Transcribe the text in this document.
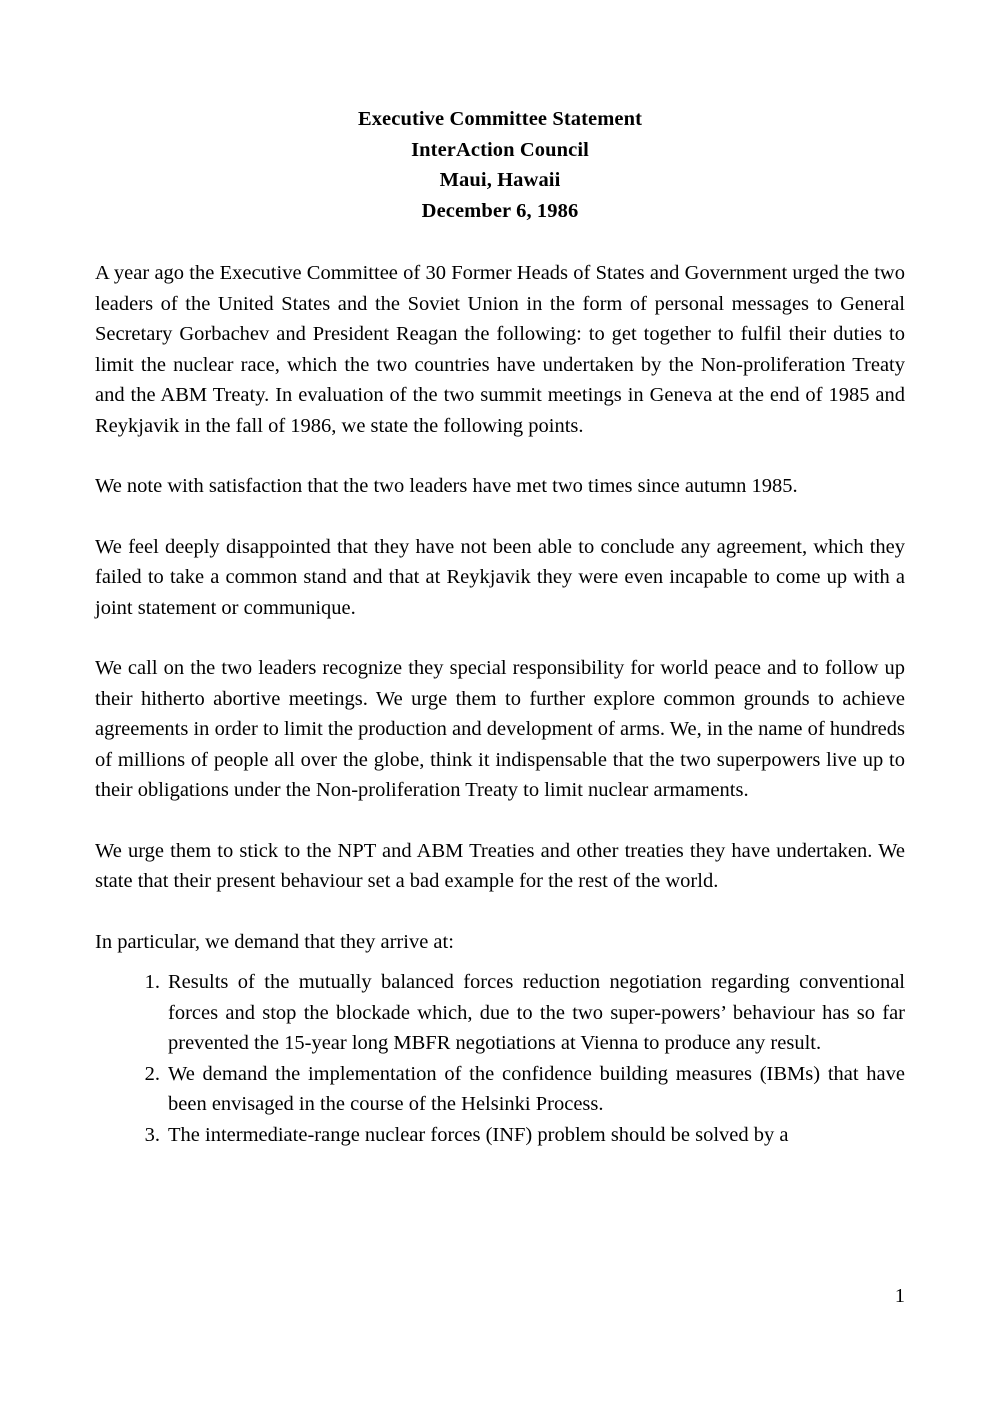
Executive Committee Statement
InterAction Council
Maui, Hawaii
December 6, 1986

A year ago the Executive Committee of 30 Former Heads of States and Government urged the two leaders of the United States and the Soviet Union in the form of personal messages to General Secretary Gorbachev and President Reagan the following: to get together to fulfil their duties to limit the nuclear race, which the two countries have undertaken by the Non-proliferation Treaty and the ABM Treaty. In evaluation of the two summit meetings in Geneva at the end of 1985 and Reykjavik in the fall of 1986, we state the following points.

We note with satisfaction that the two leaders have met two times since autumn 1985.

We feel deeply disappointed that they have not been able to conclude any agreement, which they failed to take a common stand and that at Reykjavik they were even incapable to come up with a joint statement or communique.

We call on the two leaders recognize they special responsibility for world peace and to follow up their hitherto abortive meetings. We urge them to further explore common grounds to achieve agreements in order to limit the production and development of arms. We, in the name of hundreds of millions of people all over the globe, think it indispensable that the two superpowers live up to their obligations under the Non-proliferation Treaty to limit nuclear armaments.

We urge them to stick to the NPT and ABM Treaties and other treaties they have undertaken. We state that their present behaviour set a bad example for the rest of the world.

In particular, we demand that they arrive at:

1. Results of the mutually balanced forces reduction negotiation regarding conventional forces and stop the blockade which, due to the two super-powers’ behaviour has so far prevented the 15-year long MBFR negotiations at Vienna to produce any result.
2. We demand the implementation of the confidence building measures (IBMs) that have been envisaged in the course of the Helsinki Process.
3. The intermediate-range nuclear forces (INF) problem should be solved by a
1
